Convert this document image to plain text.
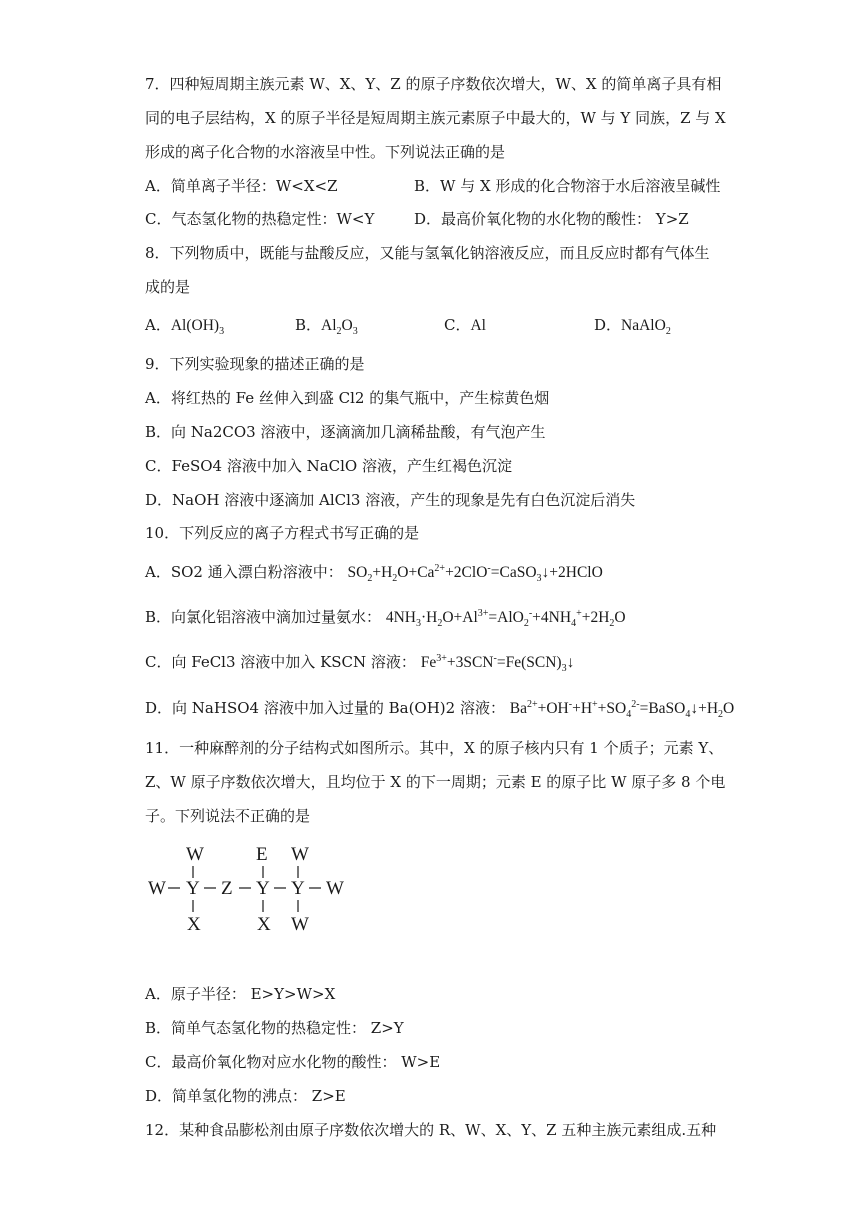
7．四种短周期主族元素 W、X、Y、Z 的原子序数依次增大，W、X 的简单离子具有相
同的电子层结构，X 的原子半径是短周期主族元素原子中最大的，W 与 Y 同族，Z 与 X
形成的离子化合物的水溶液呈中性。下列说法正确的是
A．简单离子半径：W<X<Z	B．W 与 X 形成的化合物溶于水后溶液呈碱性
C．气态氢化物的热稳定性：W<Y	D．最高价氧化物的水化物的酸性： Y>Z
8．下列物质中，既能与盐酸反应，又能与氢氧化钠溶液反应，而且反应时都有气体生
成的是
A．$Al(OH)_3$	B．$Al_2O_3$	C．Al	D．NaAlO$_2$
9．下列实验现象的描述正确的是
A．将红热的 Fe 丝伸入到盛 Cl2 的集气瓶中，产生棕黄色烟
B．向 Na2CO3 溶液中，逐滴滴加几滴稀盐酸，有气泡产生
C．FeSO4 溶液中加入 NaClO 溶液，产生红褐色沉淀
D．NaOH 溶液中逐滴加 AlCl3 溶液，产生的现象是先有白色沉淀后消失
10．下列反应的离子方程式书写正确的是
A．SO2 通入漂白粉溶液中： $SO_2+H_2O+Ca^{2+}+2ClO^-=CaSO_3↓+2HClO$
B．向氯化铝溶液中滴加过量氨水： $4NH_3\cdot H_2O+Al^{3+}=AlO_2^-+4NH_4^++2H_2O$
C．向 FeCl3 溶液中加入 KSCN 溶液： $Fe^{3+}+3SCN^-=Fe(SCN)_3↓$
D．向 NaHSO4 溶液中加入过量的 Ba(OH)2 溶液： $Ba^{2+}+OH^-+H^++SO_4^{2-}=BaSO_4↓+H_2O$
11．一种麻醉剂的分子结构式如图所示。其中，X 的原子核内只有 1 个质子；元素 Y、
Z、W 原子序数依次增大，且均位于 X 的下一周期；元素 E 的原子比 W 原子多 8 个电
子。下列说法不正确的是
W	E W
W Y Z Y Y W
X	X W
A．原子半径： E>Y>W>X
B．简单气态氢化物的热稳定性： Z>Y
C．最高价氧化物对应水化物的酸性： W>E
D．简单氢化物的沸点： Z>E
12．某种食品膨松剂由原子序数依次增大的 R、W、X、Y、Z 五种主族元素组成.五种
